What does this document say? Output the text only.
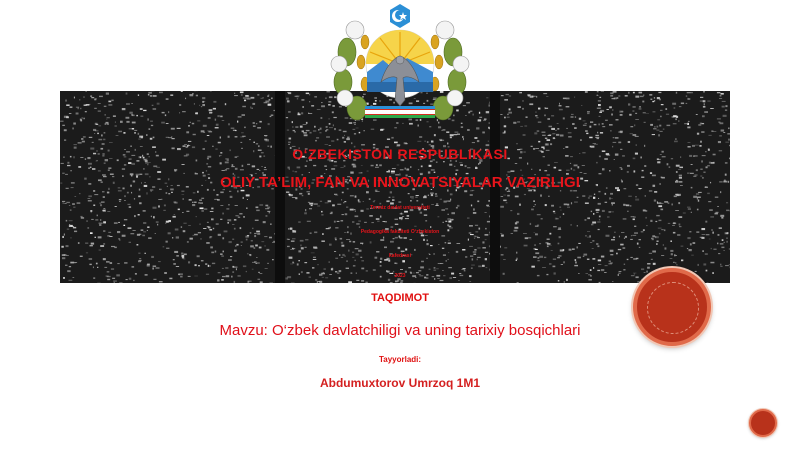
O‘ZBEKISTON RESPUBLIKASI
OLIY TA’LIM, FAN VA INNOVATSIYALAR VAZIRLIGI
Termiz davlat universiteti
Pedagogika fakulteti O‘zbekiston
kafedrasi
2023
TAQDIMOT
Mavzu: O‘zbek davlatchiligi va uning tarixiy bosqichlari
Tayyorladi:
Abdumuxtorov Umrzoq 1M1
